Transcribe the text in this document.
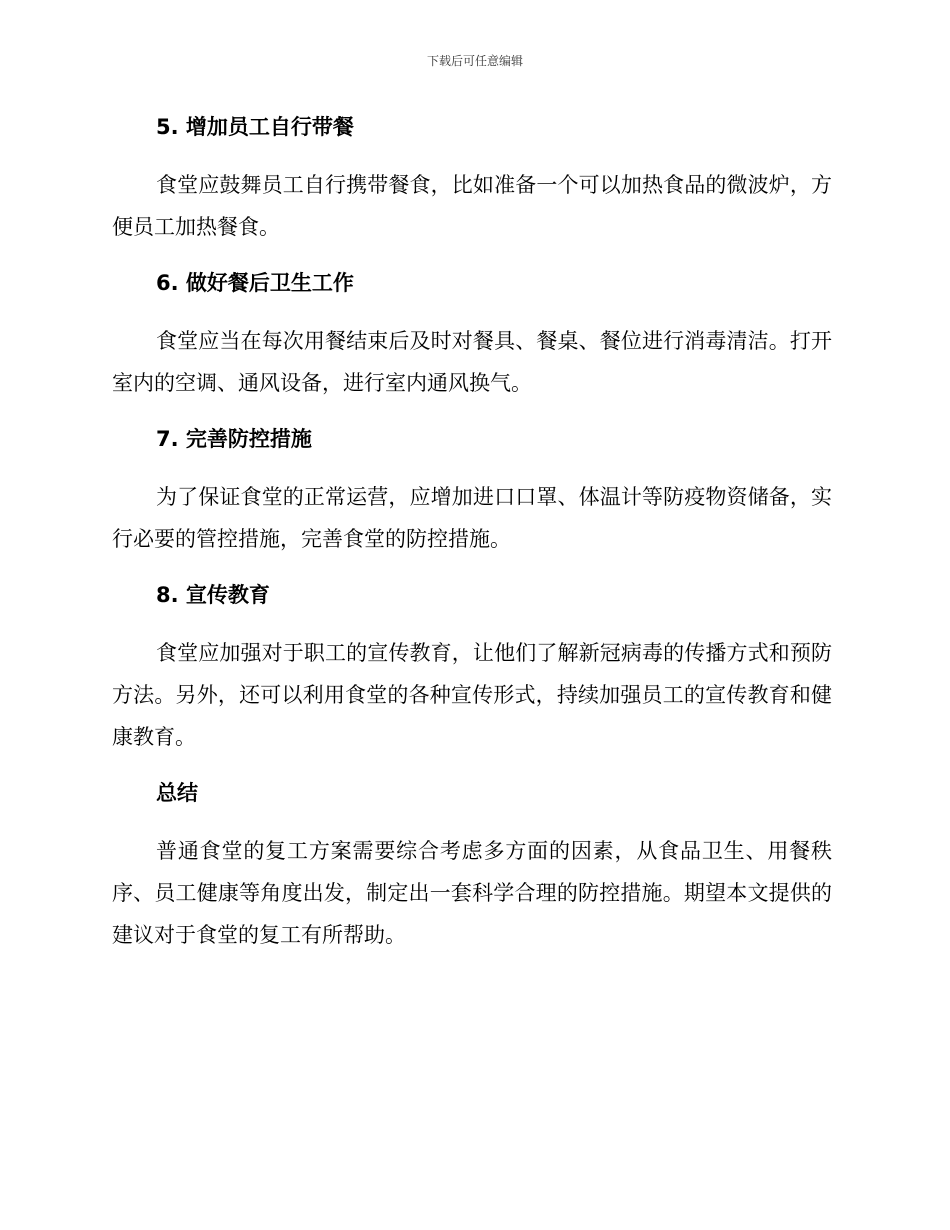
下载后可任意编辑
5. 增加员工自行带餐

食堂应鼓舞员工自行携带餐食，比如准备一个可以加热食品的微波炉，方便员工加热餐食。

6. 做好餐后卫生工作

食堂应当在每次用餐结束后及时对餐具、餐桌、餐位进行消毒清洁。打开室内的空调、通风设备，进行室内通风换气。

7. 完善防控措施

为了保证食堂的正常运营，应增加进口口罩、体温计等防疫物资储备，实行必要的管控措施，完善食堂的防控措施。

8. 宣传教育

食堂应加强对于职工的宣传教育，让他们了解新冠病毒的传播方式和预防方法。另外，还可以利用食堂的各种宣传形式，持续加强员工的宣传教育和健康教育。

总结

普通食堂的复工方案需要综合考虑多方面的因素，从食品卫生、用餐秩序、员工健康等角度出发，制定出一套科学合理的防控措施。期望本文提供的建议对于食堂的复工有所帮助。
